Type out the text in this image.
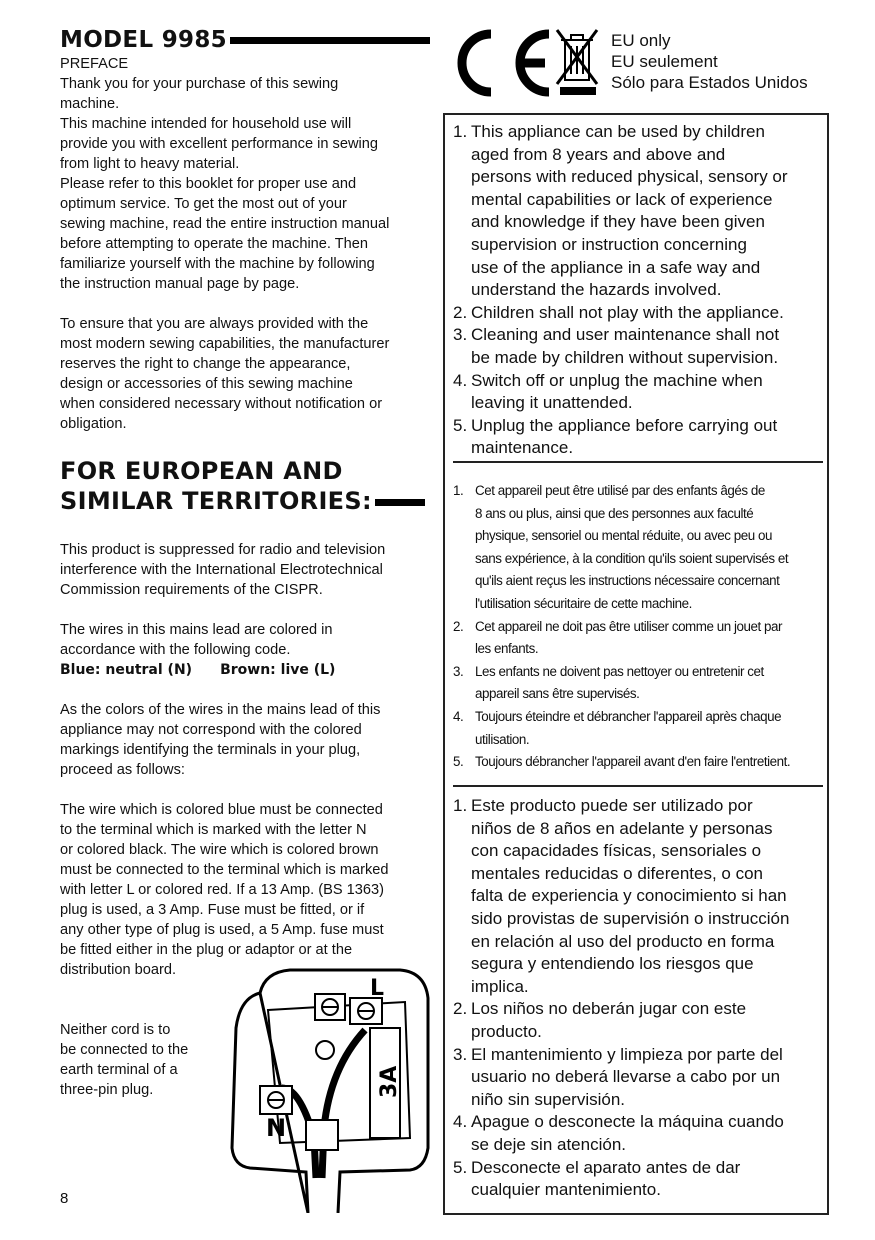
MODEL 9985
PREFACE
Thank you for your purchase of this sewing
machine.
This machine intended for household use will
provide you with excellent performance in sewing
from light to heavy material.
Please refer to this booklet for proper use and
optimum service. To get the most out of your
sewing machine, read the entire instruction manual
before attempting to operate the machine. Then
familiarize yourself with the machine by following
the instruction manual page by page.
To ensure that you are always provided with the
most modern sewing capabilities, the manufacturer
reserves the right to change the appearance,
design or accessories of this sewing machine
when considered necessary without notification or
obligation.
FOR EUROPEAN AND
SIMILAR TERRITORIES:
This product is suppressed for radio and television
interference with the International Electrotechnical
Commission requirements of the CISPR.
The wires in this mains lead are colored in
accordance with the following code.
Blue: neutral (N) Brown: live (L)
As the colors of the wires in the mains lead of this
appliance may not correspond with the colored
markings identifying the terminals in your plug,
proceed as follows:
The wire which is colored blue must be connected
to the terminal which is marked with the letter N
or colored black. The wire which is colored brown
must be connected to the terminal which is marked
with letter L or colored red. If a 13 Amp. (BS 1363)
plug is used, a 3 Amp. Fuse must be fitted, or if
any other type of plug is used, a 5 Amp. fuse must
be fitted either in the plug or adaptor or at the
distribution board.
Neither cord is to
be connected to the
earth terminal of a
three-pin plug.
8
EU only
EU seulement
Sólo para Estados Unidos
1. This appliance can be used by children
aged from 8 years and above and
persons with reduced physical, sensory or
mental capabilities or lack of experience
and knowledge if they have been given
supervision or instruction concerning
use of the appliance in a safe way and
understand the hazards involved.
2. Children shall not play with the appliance.
3. Cleaning and user maintenance shall not
be made by children without supervision.
4. Switch off or unplug the machine when
leaving it unattended.
5. Unplug the appliance before carrying out
maintenance.
1. Cet appareil peut être utilisé par des enfants âgés de
8 ans ou plus, ainsi que des personnes aux faculté
physique, sensoriel ou mental réduite, ou avec peu ou
sans expérience, à la condition qu'ils soient supervisés et
qu'ils aient reçus les instructions nécessaire concernant
l'utilisation sécuritaire de cette machine.
2. Cet appareil ne doit pas être utiliser comme un jouet par
les enfants.
3. Les enfants ne doivent pas nettoyer ou entretenir cet
appareil sans être supervisés.
4. Toujours éteindre et débrancher l'appareil après chaque
utilisation.
5. Toujours débrancher l'appareil avant d'en faire l'entretient.
1. Este producto puede ser utilizado por
niños de 8 años en adelante y personas
con capacidades físicas, sensoriales o
mentales reducidas o diferentes, o con
falta de experiencia y conocimiento si han
sido provistas de supervisión o instrucción
en relación al uso del producto en forma
segura y entendiendo los riesgos que
implica.
2. Los niños no deberán jugar con este
producto.
3. El mantenimiento y limpieza por parte del
usuario no deberá llevarse a cabo por un
niño sin supervisión.
4. Apague o desconecte la máquina cuando
se deje sin atención.
5. Desconecte el aparato antes de dar
cualquier mantenimiento.
L
N
3A
